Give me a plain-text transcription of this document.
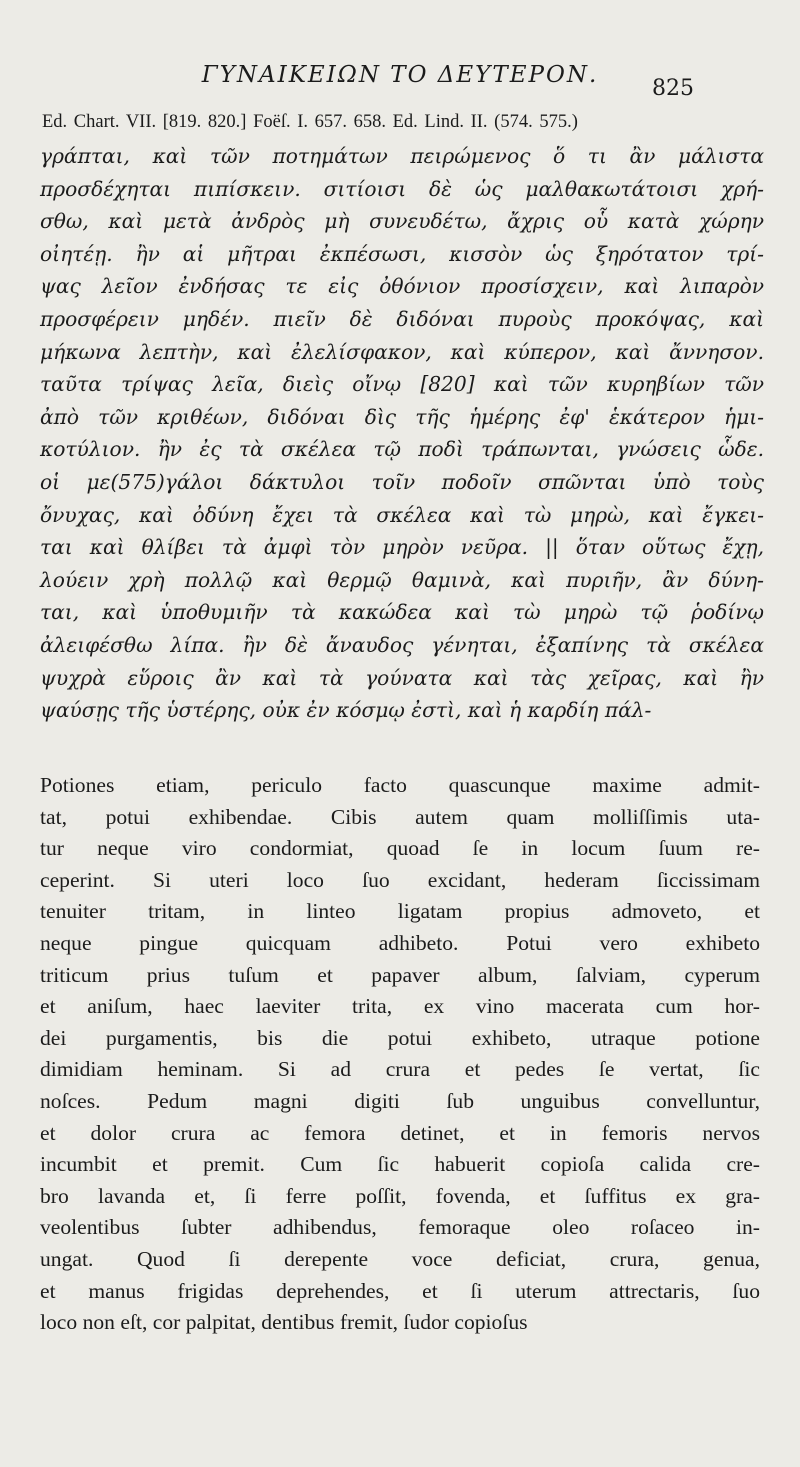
ΓΥΝΑΙΚΕΙΩΝ ΤΟ ΔΕΥΤΕΡΟΝ.
825
Ed. Chart. VII. [819. 820.] Foëſ. I. 657. 658. Ed. Lind. II. (574. 575.)
γράπται, καὶ τῶν ποτημάτων πειρώμενος ὅ τι ἂν μάλιστα
προσδέχηται πιπίσκειν. σιτίοισι δὲ ὡς μαλθακωτάτοισι χρή-
σθω, καὶ μετὰ ἀνδρὸς μὴ συνευδέτω, ἄχρις οὗ κατὰ χώρην
οἰητέῃ. ἢν αἱ μῆτραι ἐκπέσωσι, κισσὸν ὡς ξηρότατον τρί-
ψας λεῖον ἐνδήσας τε εἰς ὀθόνιον προσίσχειν, καὶ λιπαρὸν
προσφέρειν μηδέν. πιεῖν δὲ διδόναι πυροὺς προκόψας, καὶ
μήκωνα λεπτὴν, καὶ ἐλελίσφακον, καὶ κύπερον, καὶ ἄννησον.
ταῦτα τρίψας λεῖα, διεὶς οἴνῳ [820] καὶ τῶν κυρηβίων τῶν
ἀπὸ τῶν κριθέων, διδόναι δὶς τῆς ἡμέρης ἐφ' ἑκάτερον ἡμι-
κοτύλιον. ἢν ἐς τὰ σκέλεα τῷ ποδὶ τράπωνται, γνώσεις ὧδε.
οἱ με(575)γάλοι δάκτυλοι τοῖν ποδοῖν σπῶνται ὑπὸ τοὺς
ὄνυχας, καὶ ὀδύνη ἔχει τὰ σκέλεα καὶ τὼ μηρὼ, καὶ ἔγκει-
ται καὶ θλίβει τὰ ἀμφὶ τὸν μηρὸν νεῦρα. || ὅταν οὕτως ἔχῃ,
λούειν χρὴ πολλῷ καὶ θερμῷ θαμινὰ, καὶ πυριῆν, ἂν δύνη-
ται, καὶ ὑποθυμιῆν τὰ κακώδεα καὶ τὼ μηρὼ τῷ ῥοδίνῳ
ἀλειφέσθω λίπα. ἢν δὲ ἄναυδος γένηται, ἐξαπίνης τὰ σκέλεα
ψυχρὰ εὕροις ἂν καὶ τὰ γούνατα καὶ τὰς χεῖρας, καὶ ἢν
ψαύσῃς τῆς ὑστέρης, οὐκ ἐν κόσμῳ ἐστὶ, καὶ ἡ καρδίη πάλ-
Potiones etiam, periculo facto quascunque maxime admit-
tat, potui exhibendae. Cibis autem quam molliſſimis uta-
tur neque viro condormiat, quoad ſe in locum ſuum re-
ceperint. Si uteri loco ſuo excidant, hederam ſiccissimam
tenuiter tritam, in linteo ligatam propius admoveto, et
neque pingue quicquam adhibeto. Potui vero exhibeto
triticum prius tuſum et papaver album, ſalviam, cyperum
et aniſum, haec laeviter trita, ex vino macerata cum hor-
dei purgamentis, bis die potui exhibeto, utraque potione
dimidiam heminam. Si ad crura et pedes ſe vertat, ſic
noſces. Pedum magni digiti ſub unguibus convelluntur,
et dolor crura ac femora detinet, et in femoris nervos
incumbit et premit. Cum ſic habuerit copioſa calida cre-
bro lavanda et, ſi ferre poſſit, fovenda, et ſuffitus ex gra-
veolentibus ſubter adhibendus, femoraque oleo roſaceo in-
ungat. Quod ſi derepente voce deficiat, crura, genua,
et manus frigidas deprehendes, et ſi uterum attrectaris, ſuo
loco non eſt, cor palpitat, dentibus fremit, ſudor copioſus
